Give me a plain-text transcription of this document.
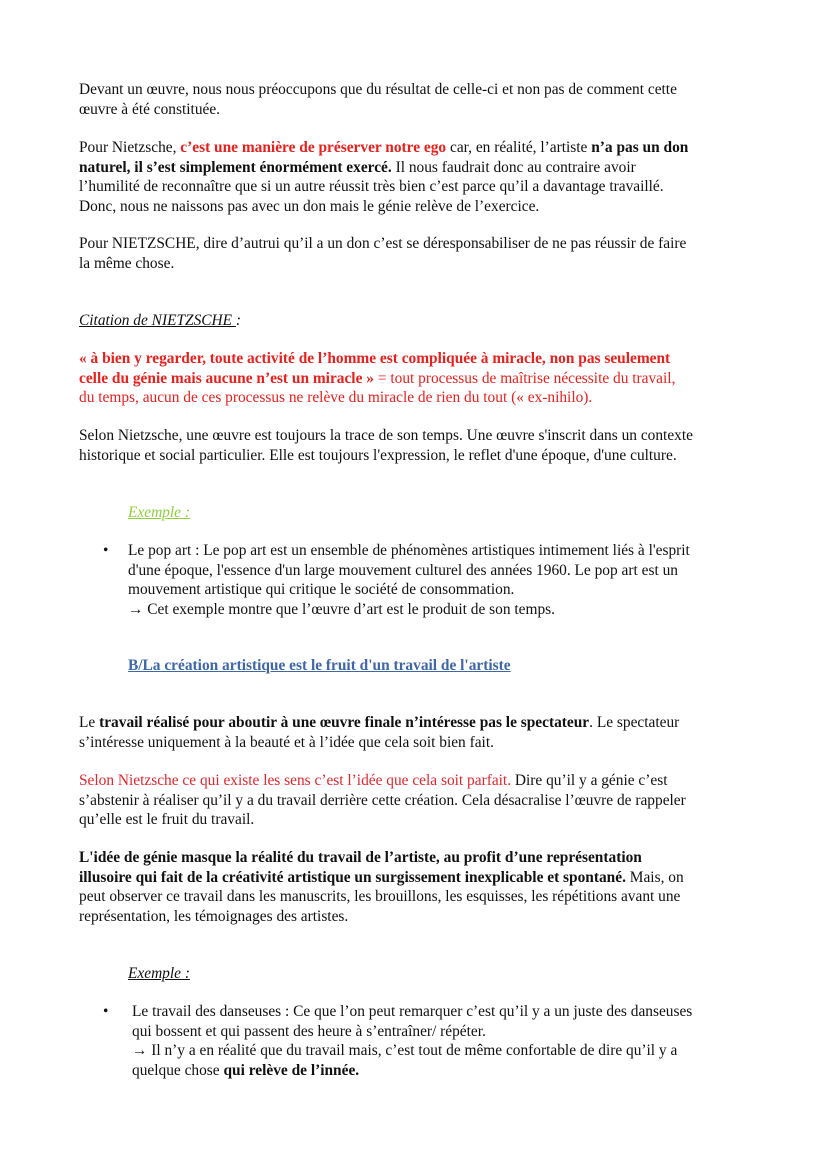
Devant un œuvre, nous nous préoccupons que du résultat de celle-ci et non pas de comment cette
œuvre à été constituée.

Pour Nietzsche, c’est une manière de préserver notre ego car, en réalité, l’artiste n’a pas un don
naturel, il s’est simplement énormément exercé. Il nous faudrait donc au contraire avoir
l’humilité de reconnaître que si un autre réussit très bien c’est parce qu’il a davantage travaillé.
Donc, nous ne naissons pas avec un don mais le génie relève de l’exercice.

Pour NIETZSCHE, dire d’autrui qu’il a un don c’est se déresponsabiliser de ne pas réussir de faire
la même chose.

Citation de NIETZSCHE :

« à bien y regarder, toute activité de l’homme est compliquée à miracle, non pas seulement
celle du génie mais aucune n’est un miracle » = tout processus de maîtrise nécessite du travail,
du temps, aucun de ces processus ne relève du miracle de rien du tout (« ex-nihilo).

Selon Nietzsche, une œuvre est toujours la trace de son temps. Une œuvre s'inscrit dans un contexte
historique et social particulier. Elle est toujours l'expression, le reflet d'une époque, d'une culture.

Exemple :

• Le pop art : Le pop art est un ensemble de phénomènes artistiques intimement liés à l'esprit
d'une époque, l'essence d'un large mouvement culturel des années 1960. Le pop art est un
mouvement artistique qui critique le société de consommation.
→ Cet exemple montre que l’œuvre d’art est le produit de son temps.

B/La création artistique est le fruit d'un travail de l'artiste

Le travail réalisé pour aboutir à une œuvre finale n’intéresse pas le spectateur. Le spectateur
s’intéresse uniquement à la beauté et à l’idée que cela soit bien fait.

Selon Nietzsche ce qui existe les sens c’est l’idée que cela soit parfait. Dire qu’il y a génie c’est
s’abstenir à réaliser qu’il y a du travail derrière cette création. Cela désacralise l’œuvre de rappeler
qu’elle est le fruit du travail.

L'idée de génie masque la réalité du travail de l’artiste, au profit d’une représentation
illusoire qui fait de la créativité artistique un surgissement inexplicable et spontané. Mais, on
peut observer ce travail dans les manuscrits, les brouillons, les esquisses, les répétitions avant une
représentation, les témoignages des artistes.

Exemple :

• Le travail des danseuses : Ce que l’on peut remarquer c’est qu’il y a un juste des danseuses
qui bossent et qui passent des heure à s’entraîner/ répéter.
→ Il n’y a en réalité que du travail mais, c’est tout de même confortable de dire qu’il y a
quelque chose qui relève de l’innée.
